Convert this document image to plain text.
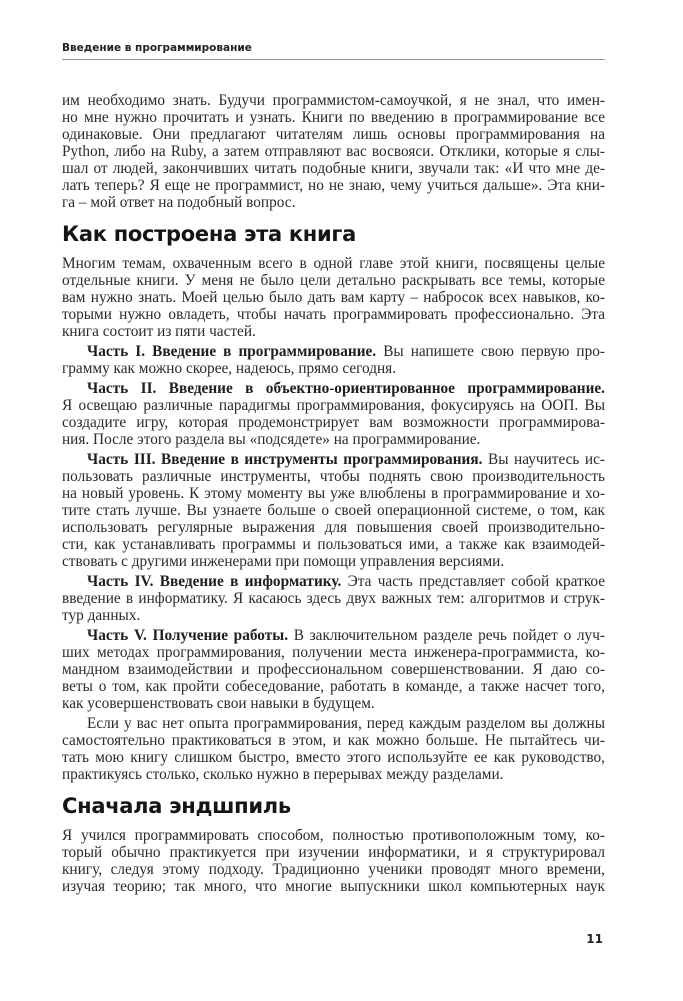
Введение в программирование
им необходимо знать. Будучи программистом-самоучкой, я не знал, что имен-
но мне нужно прочитать и узнать. Книги по введению в программирование все
одинаковые. Они предлагают читателям лишь основы программирования на
Python, либо на Ruby, а затем отправляют вас восвояси. Отклики, которые я слы-
шал от людей, закончивших читать подобные книги, звучали так: «И что мне де-
лать теперь? Я еще не программист, но не знаю, чему учиться дальше». Эта кни-
га – мой ответ на подобный вопрос.
Как построена эта книга
Многим темам, охваченным всего в одной главе этой книги, посвящены целые
отдельные книги. У меня не было цели детально раскрывать все темы, которые
вам нужно знать. Моей целью было дать вам карту – набросок всех навыков, ко-
торыми нужно овладеть, чтобы начать программировать профессионально. Эта
книга состоит из пяти частей.
Часть I. Введение в программирование. Вы напишете свою первую про-
грамму как можно скорее, надеюсь, прямо сегодня.
Часть II. Введение в объектно-ориентированное программирование.
Я освещаю различные парадигмы программирования, фокусируясь на ООП. Вы
создадите игру, которая продемонстрирует вам возможности программирова-
ния. После этого раздела вы «подсядете» на программирование.
Часть III. Введение в инструменты программирования. Вы научитесь ис-
пользовать различные инструменты, чтобы поднять свою производительность
на новый уровень. К этому моменту вы уже влюблены в программирование и хо-
тите стать лучше. Вы узнаете больше о своей операционной системе, о том, как
использовать регулярные выражения для повышения своей производительно-
сти, как устанавливать программы и пользоваться ими, а также как взаимодей-
ствовать с другими инженерами при помощи управления версиями.
Часть IV. Введение в информатику. Эта часть представляет собой краткое
введение в информатику. Я касаюсь здесь двух важных тем: алгоритмов и струк-
тур данных.
Часть V. Получение работы. В заключительном разделе речь пойдет о луч-
ших методах программирования, получении места инженера-программиста, ко-
мандном взаимодействии и профессиональном совершенствовании. Я даю со-
веты о том, как пройти собеседование, работать в команде, а также насчет того,
как усовершенствовать свои навыки в будущем.
Если у вас нет опыта программирования, перед каждым разделом вы должны
самостоятельно практиковаться в этом, и как можно больше. Не пытайтесь чи-
тать мою книгу слишком быстро, вместо этого используйте ее как руководство,
практикуясь столько, сколько нужно в перерывах между разделами.
Сначала эндшпиль
Я учился программировать способом, полностью противоположным тому, ко-
торый обычно практикуется при изучении информатики, и я структурировал
книгу, следуя этому подходу. Традиционно ученики проводят много времени,
изучая теорию; так много, что многие выпускники школ компьютерных наук
11
